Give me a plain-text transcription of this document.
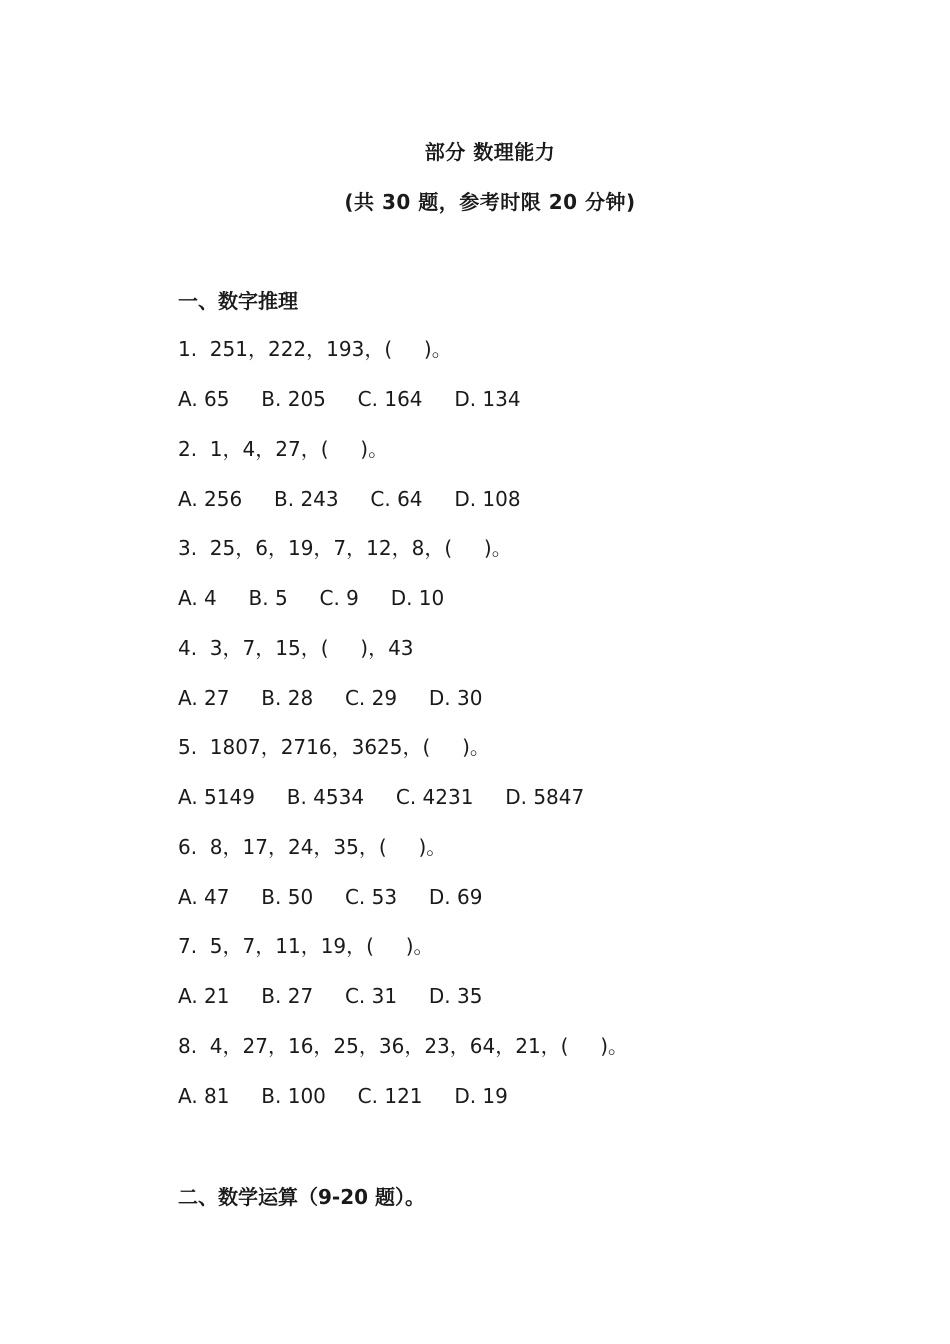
部分 数理能力
(共 30 题，参考时限 20 分钟)
一、数字推理
1.  251，222，193，(     )。
A. 65     B. 205     C. 164     D. 134
2.  1，4，27，(     )。
A. 256     B. 243     C. 64     D. 108
3.  25，6，19，7，12，8，(     )。
A. 4     B. 5     C. 9     D. 10
4.  3，7，15，(     )，43
A. 27     B. 28     C. 29     D. 30
5.  1807，2716，3625，(     )。
A. 5149     B. 4534     C. 4231     D. 5847
6.  8，17，24，35，(     )。
A. 47     B. 50     C. 53     D. 69
7.  5，7，11，19，(     )。
A. 21     B. 27     C. 31     D. 35
8.  4，27，16，25，36，23，64，21，(     )。
A. 81     B. 100     C. 121     D. 19
二、数学运算（9-20 题）。
